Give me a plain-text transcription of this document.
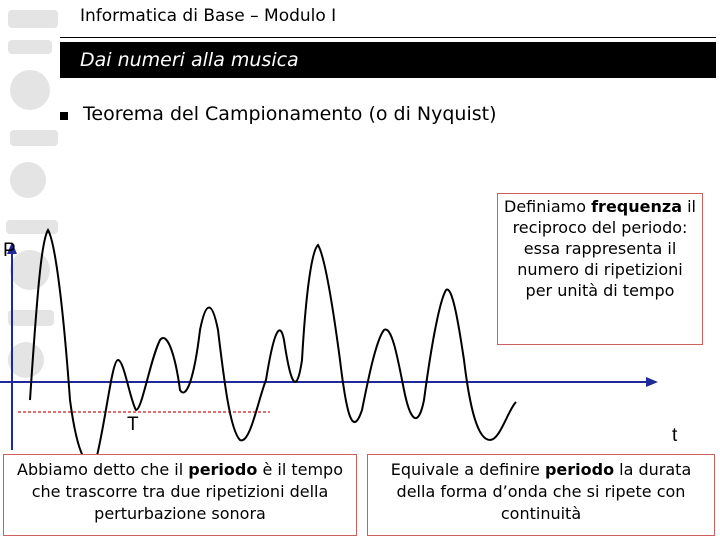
Informatica di Base – Modulo I
Dai numeri alla musica
Teorema del Campionamento (o di Nyquist)
P
T
t
Definiamo frequenza il reciproco del periodo: essa rappresenta il numero di ripetizioni per unità di tempo
Abbiamo detto che il periodo è il tempo che trascorre tra due ripetizioni della perturbazione sonora
Equivale a definire periodo la durata della forma d’onda che si ripete con continuità
